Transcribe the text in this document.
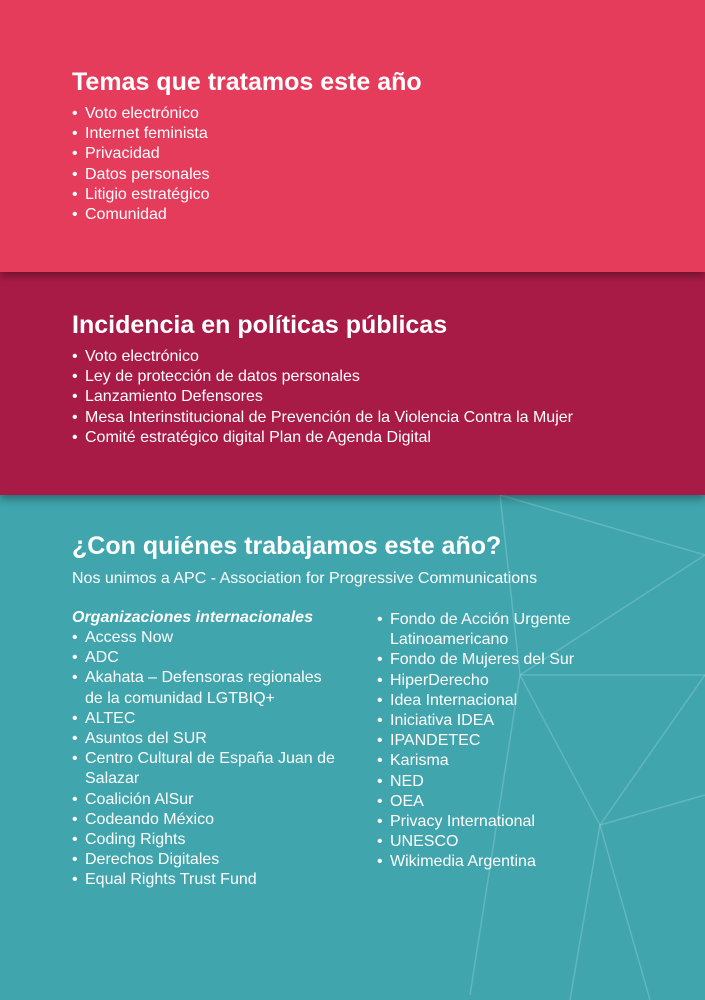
Temas que tratamos este año
• Voto electrónico
• Internet feminista
• Privacidad
• Datos personales
• Litigio estratégico
• Comunidad
Incidencia en políticas públicas
• Voto electrónico
• Ley de protección de datos personales
• Lanzamiento Defensores
• Mesa Interinstitucional de Prevención de la Violencia Contra la Mujer
• Comité estratégico digital Plan de Agenda Digital
¿Con quiénes trabajamos este año?
Nos unimos a APC - Association for Progressive Communications
Organizaciones internacionales
• Access Now
• ADC
• Akahata – Defensoras regionales de la comunidad LGTBIQ+
• ALTEC
• Asuntos del SUR
• Centro Cultural de España Juan de Salazar
• Coalición AlSur
• Codeando México
• Coding Rights
• Derechos Digitales
• Equal Rights Trust Fund
• Fondo de Acción Urgente Latinoamericano
• Fondo de Mujeres del Sur
• HiperDerecho
• Idea Internacional
• Iniciativa IDEA
• IPANDETEC
• Karisma
• NED
• OEA
• Privacy International
• UNESCO
• Wikimedia Argentina
